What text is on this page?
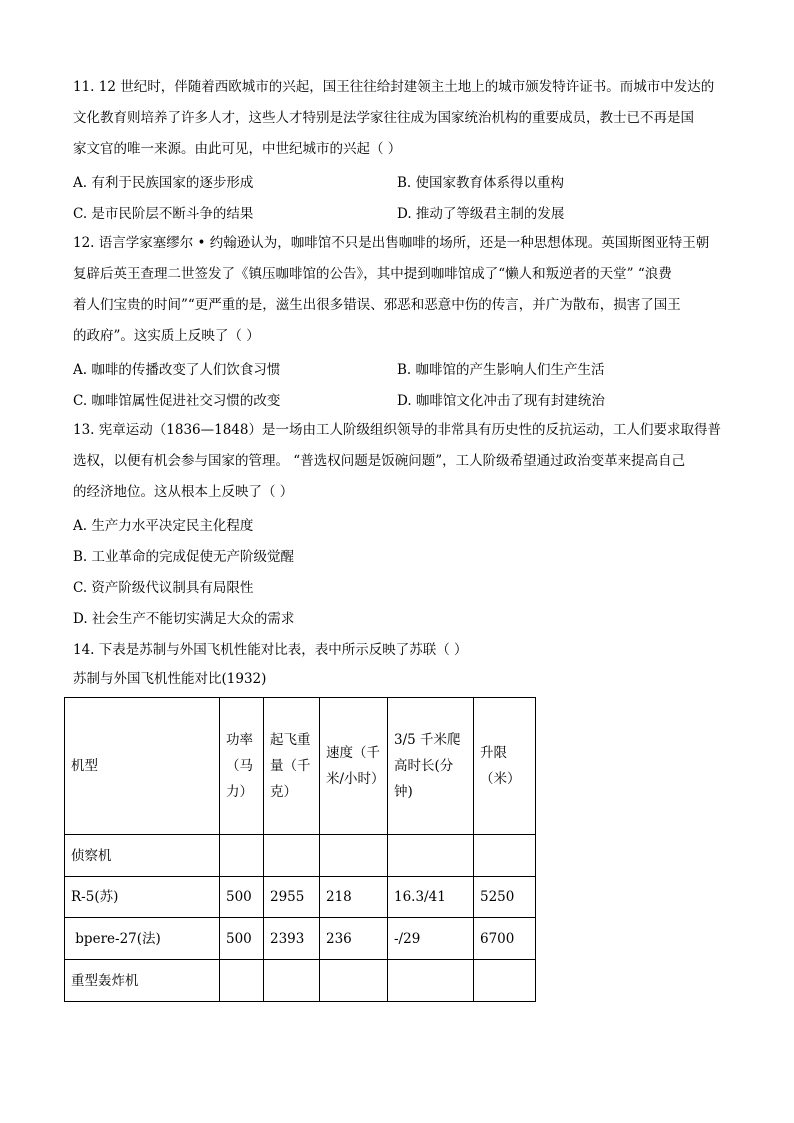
11. 12 世纪时，伴随着西欧城市的兴起，国王往往给封建领主土地上的城市颁发特许证书。而城市中发达的
文化教育则培养了许多人才，这些人才特别是法学家往往成为国家统治机构的重要成员，教士已不再是国
家文官的唯一来源。由此可见，中世纪城市的兴起（ ）
A. 有利于民族国家的逐步形成	B. 使国家教育体系得以重构
C. 是市民阶层不断斗争的结果	D. 推动了等级君主制的发展
12. 语言学家塞缪尔 • 约翰逊认为，咖啡馆不只是出售咖啡的场所，还是一种思想体现。英国斯图亚特王朝
复辟后英王查理二世签发了《镇压咖啡馆的公告》，其中提到咖啡馆成了“懒人和叛逆者的天堂” “浪费
着人们宝贵的时间”“更严重的是，滋生出很多错误、邪恶和恶意中伤的传言，并广为散布，损害了国王
的政府”。这实质上反映了（ ）
A. 咖啡的传播改变了人们饮食习惯	B. 咖啡馆的产生影响人们生产生活
C. 咖啡馆属性促进社交习惯的改变	D. 咖啡馆文化冲击了现有封建统治
13. 宪章运动（1836—1848）是一场由工人阶级组织领导的非常具有历史性的反抗运动，工人们要求取得普
选权，以便有机会参与国家的管理。 “普选权问题是饭碗问题”，工人阶级希望通过政治变革来提高自己
的经济地位。这从根本上反映了（ ）
A. 生产力水平决定民主化程度
B. 工业革命的完成促使无产阶级觉醒
C. 资产阶级代议制具有局限性
D. 社会生产不能切实满足大众的需求
14. 下表是苏制与外国飞机性能对比表，表中所示反映了苏联（ ）
苏制与外国飞机性能对比(1932)
机型	功率（马力）	起飞重量（千克）	速度（千米/小时）	3/5 千米爬高时长(分钟)	升限（米）
侦察机					
R-5(苏)	500	2955	218	16.3/41	5250
bpere-27(法)	500	2393	236	-/29	6700
重型轰炸机					
